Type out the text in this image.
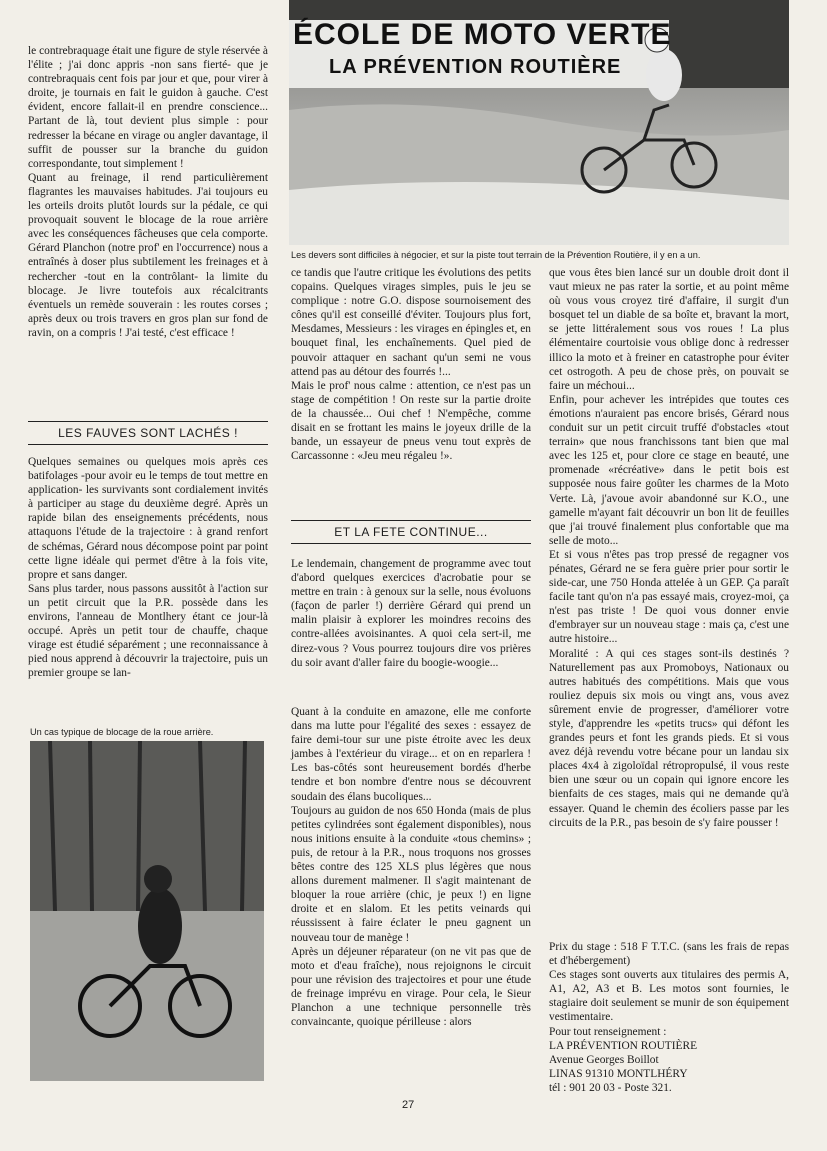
ÉCOLE DE MOTO VERTE
LA PRÉVENTION ROUTIÈRE
Les devers sont difficiles à négocier, et sur la piste tout terrain de la Prévention Routière, il y en a un.

le contrebraquage était une figure de style réservée à l'élite ; j'ai donc appris -non sans fierté- que je contrebraquais cent fois par jour et que, pour virer à droite, je tournais en fait le guidon à gauche. C'est évident, encore fallait-il en prendre conscience... Partant de là, tout devient plus simple : pour redresser la bécane en virage ou angler davantage, il suffit de pousser sur la branche du guidon correspondante, tout simplement !

Quant au freinage, il rend particulièrement flagrantes les mauvaises habitudes. J'ai toujours eu les orteils droits plutôt lourds sur la pédale, ce qui provoquait souvent le blocage de la roue arrière avec les conséquences fâcheuses que cela comporte. Gérard Planchon (notre prof' en l'occurrence) nous a entraînés à doser plus subtilement les freinages et à rechercher -tout en la contrôlant- la limite du blocage. Je livre toutefois aux récalcitrants éventuels un remède souverain : les routes corses ; après deux ou trois travers en gros plan sur fond de ravin, on a compris ! J'ai testé, c'est efficace !

LES FAUVES SONT LACHÉS !

Quelques semaines ou quelques mois après ces batifolages -pour avoir eu le temps de tout mettre en application- les survivants sont cordialement invités à participer au stage du deuxième degré. Après un rapide bilan des enseignements précédents, nous attaquons l'étude de la trajectoire : à grand renfort de schémas, Gérard nous décompose point par point cette ligne idéale qui permet d'être à la fois vite, propre et sans danger.

Sans plus tarder, nous passons aussitôt à l'action sur un petit circuit que la P.R. possède dans les environs, l'anneau de Montlhery étant ce jour-là occupé. Après un petit tour de chauffe, chaque virage est étudié séparément ; une reconnaissance à pied nous apprend à découvrir la trajectoire, puis un premier groupe se lan-

Un cas typique de blocage de la roue arrière.

ce tandis que l'autre critique les évolutions des petits copains. Quelques virages simples, puis le jeu se complique : notre G.O. dispose sournoisement des cônes qu'il est conseillé d'éviter. Toujours plus fort, Mesdames, Messieurs : les virages en épingles et, en bouquet final, les enchaînements. Quel pied de pouvoir attaquer en sachant qu'un semi ne vous attend pas au détour des fourrés !...

Mais le prof' nous calme : attention, ce n'est pas un stage de compétition ! On reste sur la partie droite de la chaussée... Oui chef ! N'empêche, comme disait en se frottant les mains le joyeux drille de la bande, un essayeur de pneus venu tout exprès de Carcassonne : «Jeu meu régaleu !».

ET LA FETE CONTINUE...

Le lendemain, changement de programme avec tout d'abord quelques exercices d'acrobatie pour se mettre en train : à genoux sur la selle, nous évoluons (façon de parler !) derrière Gérard qui prend un malin plaisir à explorer les moindres recoins des contre-allées avoisinantes. A quoi cela sert-il, me direz-vous ? Vous pourrez toujours dire vos prières du soir avant d'aller faire du boogie-woogie...

Quant à la conduite en amazone, elle me conforte dans ma lutte pour l'égalité des sexes : essayez de faire demi-tour sur une piste étroite avec les deux jambes à l'extérieur du virage... et on en reparlera ! Les bas-côtés sont heureusement bordés d'herbe tendre et bon nombre d'entre nous se découvrent soudain des élans bucoliques...

Toujours au guidon de nos 650 Honda (mais de plus petites cylindrées sont également disponibles), nous nous initions ensuite à la conduite «tous chemins» ; puis, de retour à la P.R., nous troquons nos grosses bêtes contre des 125 XLS plus légères que nous allons durement malmener. Il s'agit maintenant de bloquer la roue arrière (chic, je peux !) en ligne droite et en slalom. Et les petits veinards qui réussissent à faire éclater le pneu gagnent un nouveau tour de manège !

Après un déjeuner réparateur (on ne vit pas que de moto et d'eau fraîche), nous rejoignons le circuit pour une révision des trajectoires et pour une étude de freinage imprévu en virage. Pour cela, le Sieur Planchon a une technique personnelle très convaincante, quoique périlleuse : alors

que vous êtes bien lancé sur un double droit dont il vaut mieux ne pas rater la sortie, et au point même où vous vous croyez tiré d'affaire, il surgit d'un bosquet tel un diable de sa boîte et, bravant la mort, se jette littéralement sous vos roues ! La plus élémentaire courtoisie vous oblige donc à redresser illico la moto et à freiner en catastrophe pour éviter cet ostrogoth. A peu de chose près, on pouvait se faire un méchoui...

Enfin, pour achever les intrépides que toutes ces émotions n'auraient pas encore brisés, Gérard nous conduit sur un petit circuit truffé d'obstacles «tout terrain» que nous franchissons tant bien que mal avec les 125 et, pour clore ce stage en beauté, une promenade «récréative» dans le petit bois est supposée nous faire goûter les charmes de la Moto Verte. Là, j'avoue avoir abandonné sur K.O., une gamelle m'ayant fait découvrir un bon lit de feuilles que j'ai trouvé finalement plus confortable que ma selle de moto...

Et si vous n'êtes pas trop pressé de regagner vos pénates, Gérard ne se fera guère prier pour sortir le side-car, une 750 Honda attelée à un GEP. Ça paraît facile tant qu'on n'a pas essayé mais, croyez-moi, ça n'est pas triste ! De quoi vous donner envie d'embrayer sur un nouveau stage : mais ça, c'est une autre histoire...

Moralité : A qui ces stages sont-ils destinés ? Naturellement pas aux Promoboys, Nationaux ou autres habitués des compétitions. Mais que vous rouliez depuis six mois ou vingt ans, vous avez sûrement envie de progresser, d'améliorer votre style, d'apprendre les «petits trucs» qui défont les grandes peurs et font les grands pieds. Et si vous avez déjà revendu votre bécane pour un landau six places 4x4 à zigoloïdal rétropropulsé, il vous reste bien une sœur ou un copain qui ignore encore les bienfaits de ces stages, mais qui ne demande qu'à essayer. Quand le chemin des écoliers passe par les circuits de la P.R., pas besoin de s'y faire pousser !

Prix du stage : 518 F T.T.C. (sans les frais de repas et d'hébergement)

Ces stages sont ouverts aux titulaires des permis A, A1, A2, A3 et B. Les motos sont fournies, le stagiaire doit seulement se munir de son équipement vestimentaire.

Pour tout renseignement :
LA PRÉVENTION ROUTIÈRE
Avenue Georges Boillot
LINAS 91310 MONTLHÉRY
tél : 901 20 03 - Poste 321.
27
